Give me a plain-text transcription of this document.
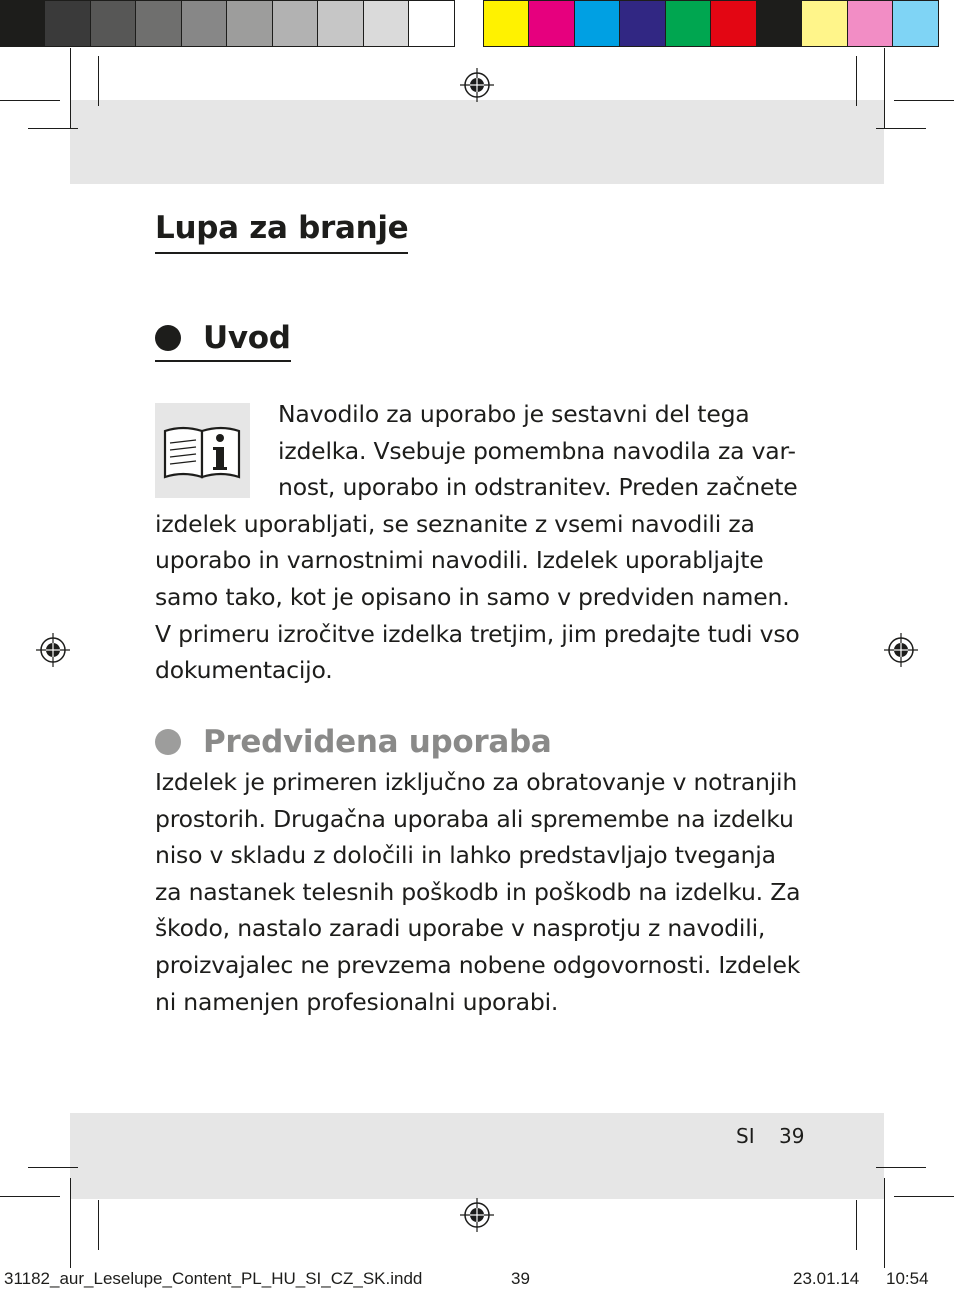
Lupa za branje
Uvod

Navodilo za uporabo je sestavni del tega
izdelka. Vsebuje pomembna navodila za var-
nost, uporabo in odstranitev. Preden začnete
izdelek uporabljati, se seznanite z vsemi navodili za
uporabo in varnostnimi navodili. Izdelek uporabljajte
samo tako, kot je opisano in samo v predviden namen.
V primeru izročitve izdelka tretjim, jim predajte tudi vso
dokumentacijo.

Predvidena uporaba

Izdelek je primeren izključno za obratovanje v notranjih
prostorih. Drugačna uporaba ali spremembe na izdelku
niso v skladu z določili in lahko predstavljajo tveganja
za nastanek telesnih poškodb in poškodb na izdelku. Za
škodo, nastalo zaradi uporabe v nasprotju z navodili,
proizvajalec ne prevzema nobene odgovornosti. Izdelek
ni namenjen profesionalni uporabi.

SI 39
31182_aur_Leselupe_Content_PL_HU_SI_CZ_SK.indd	39	23.01.14 10:54
